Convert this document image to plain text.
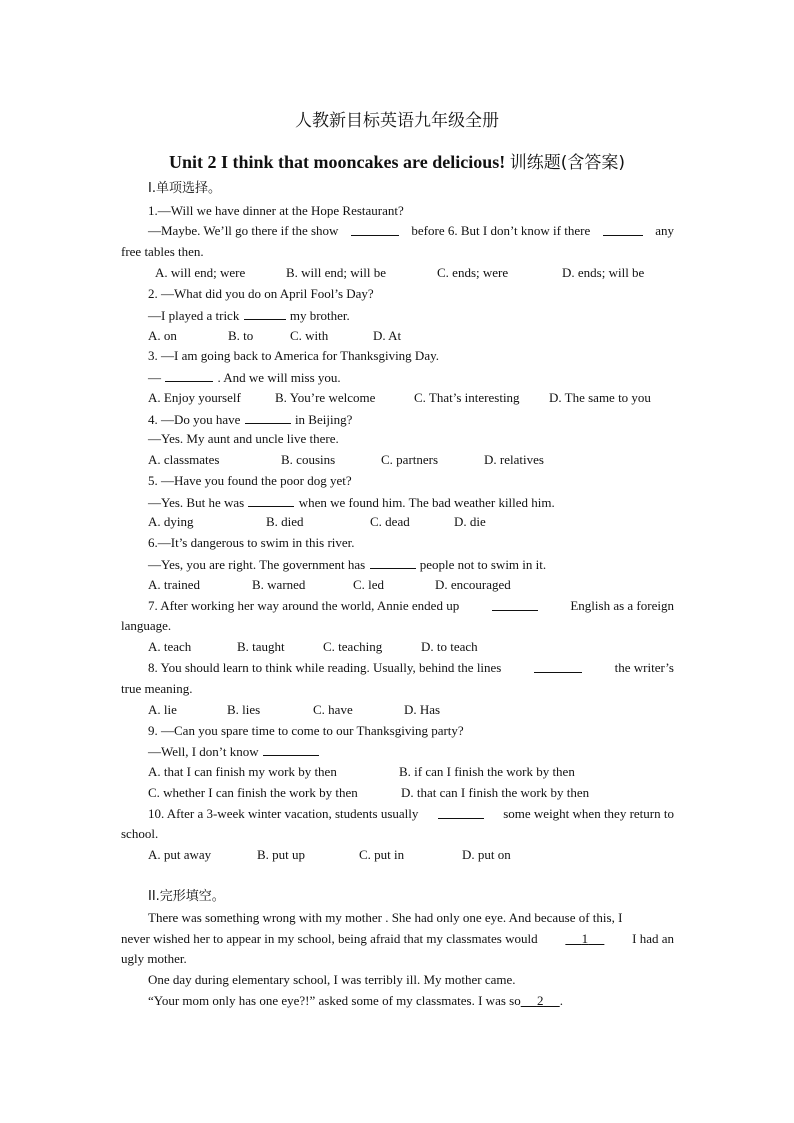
人教新目标英语九年级全册
Unit 2 I think that mooncakes are delicious! 训练题(含答案)
I.单项选择。
1.—Will we have dinner at the Hope Restaurant?
—Maybe. We’ll go there if the show	before 6. But I don’t know if there	any
free tables then.
A. will end; were	B. will end; will be	C. ends; were	D. ends; will be
2. —What did you do on April Fool’s Day?
—I played a trick	my brother.
A. on	B. to	C. with	D. At
3. —I am going back to America for Thanksgiving Day.
—	. And we will miss you.
A. Enjoy yourself	B. You’re welcome	C. That’s interesting D. The same to you
4. —Do you have	in Beijing?
—Yes. My aunt and uncle live there.
A. classmates	B. cousins	C. partners	D. relatives
5. —Have you found the poor dog yet?
—Yes. But he was	when we found him. The bad weather killed him.
A. dying	B. died	C. dead	D. die
6.—It’s dangerous to swim in this river.
—Yes, you are right. The government has	people not to swim in it.
A. trained	B. warned	C. led	D. encouraged
7. After working her way around the world, Annie ended up	English as a foreign
language.
A. teach	B. taught	C. teaching	D. to teach
8. You should learn to think while reading. Usually, behind the lines	the writer’s
true meaning.
A. lie	B. lies	C. have	D. Has
9. —Can you spare time to come to our Thanksgiving party?
—Well, I don’t know
A. that I can finish my work by then	B. if can I finish the work by then
C. whether I can finish the work by then	D. that can I finish the work by then
10. After a 3-week winter vacation, students usually	some weight when they return to
school.
A. put away	B. put up	C. put in	D. put on
II.完形填空。
There was something wrong with my mother . She had only one eye. And because of this, I
never wished her to appear in my school, being afraid that my classmates would	1	I had an
ugly mother.
One day during elementary school, I was terribly ill. My mother came.
“Your mom only has one eye?!” asked some of my classmates. I was so 2 .
